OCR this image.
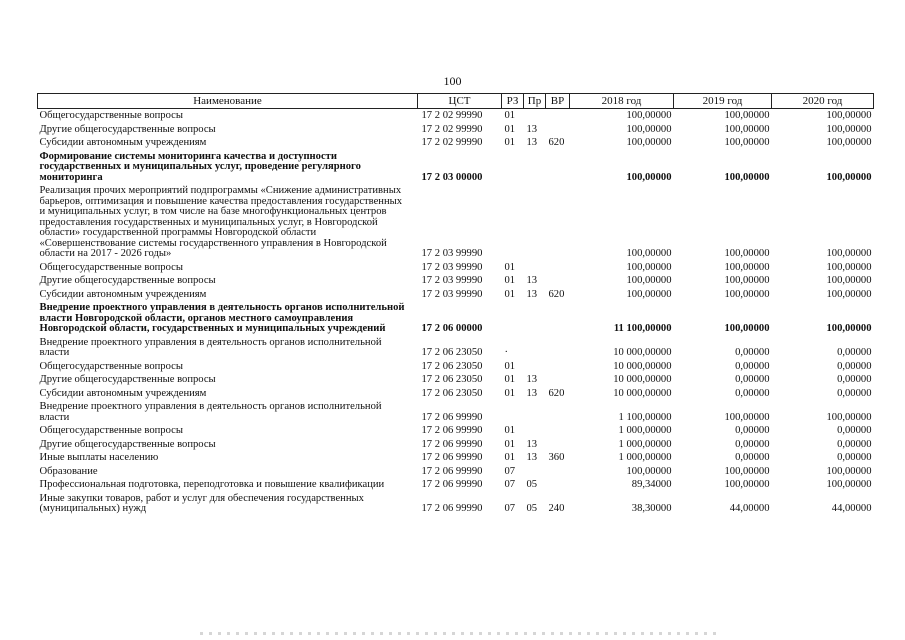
100
Наименование	ЦСТ	РЗ	Пр	ВР	2018 год	2019 год	2020 год
Общегосударственные вопросы	17 2 02 99990	01			100,00000	100,00000	100,00000
Другие общегосударственные вопросы	17 2 02 99990	01	13		100,00000	100,00000	100,00000
Субсидии автономным учреждениям	17 2 02 99990	01	13	620	100,00000	100,00000	100,00000
Формирование системы мониторинга качества и доступности государственных и муниципальных услуг, проведение регулярного мониторинга	17 2 03 00000				100,00000	100,00000	100,00000
Реализация прочих мероприятий подпрограммы «Снижение административных барьеров, оптимизация и повышение качества предоставления государственных и муниципальных услуг, в том числе на базе многофункциональных центров предоставления государственных и муниципальных услуг, в Новгородской области» государственной программы Новгородской области «Совершенствование системы государственного управления в Новгородской области на 2017 - 2026 годы»	17 2 03 99990				100,00000	100,00000	100,00000
Общегосударственные вопросы	17 2 03 99990	01			100,00000	100,00000	100,00000
Другие общегосударственные вопросы	17 2 03 99990	01	13		100,00000	100,00000	100,00000
Субсидии автономным учреждениям	17 2 03 99990	01	13	620	100,00000	100,00000	100,00000
Внедрение проектного управления в деятельность органов исполнительной власти Новгородской области, органов местного самоуправления Новгородской области, государственных и муниципальных учреждений	17 2 06 00000				11 100,00000	100,00000	100,00000
Внедрение проектного управления в деятельность органов исполнительной власти	17 2 06 23050	·			10 000,00000	0,00000	0,00000
Общегосударственные вопросы	17 2 06 23050	01			10 000,00000	0,00000	0,00000
Другие общегосударственные вопросы	17 2 06 23050	01	13		10 000,00000	0,00000	0,00000
Субсидии автономным учреждениям	17 2 06 23050	01	13	620	10 000,00000	0,00000	0,00000
Внедрение проектного управления в деятельность органов исполнительной власти	17 2 06 99990				1 100,00000	100,00000	100,00000
Общегосударственные вопросы	17 2 06 99990	01			1 000,00000	0,00000	0,00000
Другие общегосударственные вопросы	17 2 06 99990	01	13		1 000,00000	0,00000	0,00000
Иные выплаты населению	17 2 06 99990	01	13	360	1 000,00000	0,00000	0,00000
Образование	17 2 06 99990	07			100,00000	100,00000	100,00000
Профессиональная подготовка, переподготовка и повышение квалификации	17 2 06 99990	07	05		89,34000	100,00000	100,00000
Иные закупки товаров, работ и услуг для обеспечения государственных (муниципальных) нужд	17 2 06 99990	07	05	240	38,30000	44,00000	44,00000
